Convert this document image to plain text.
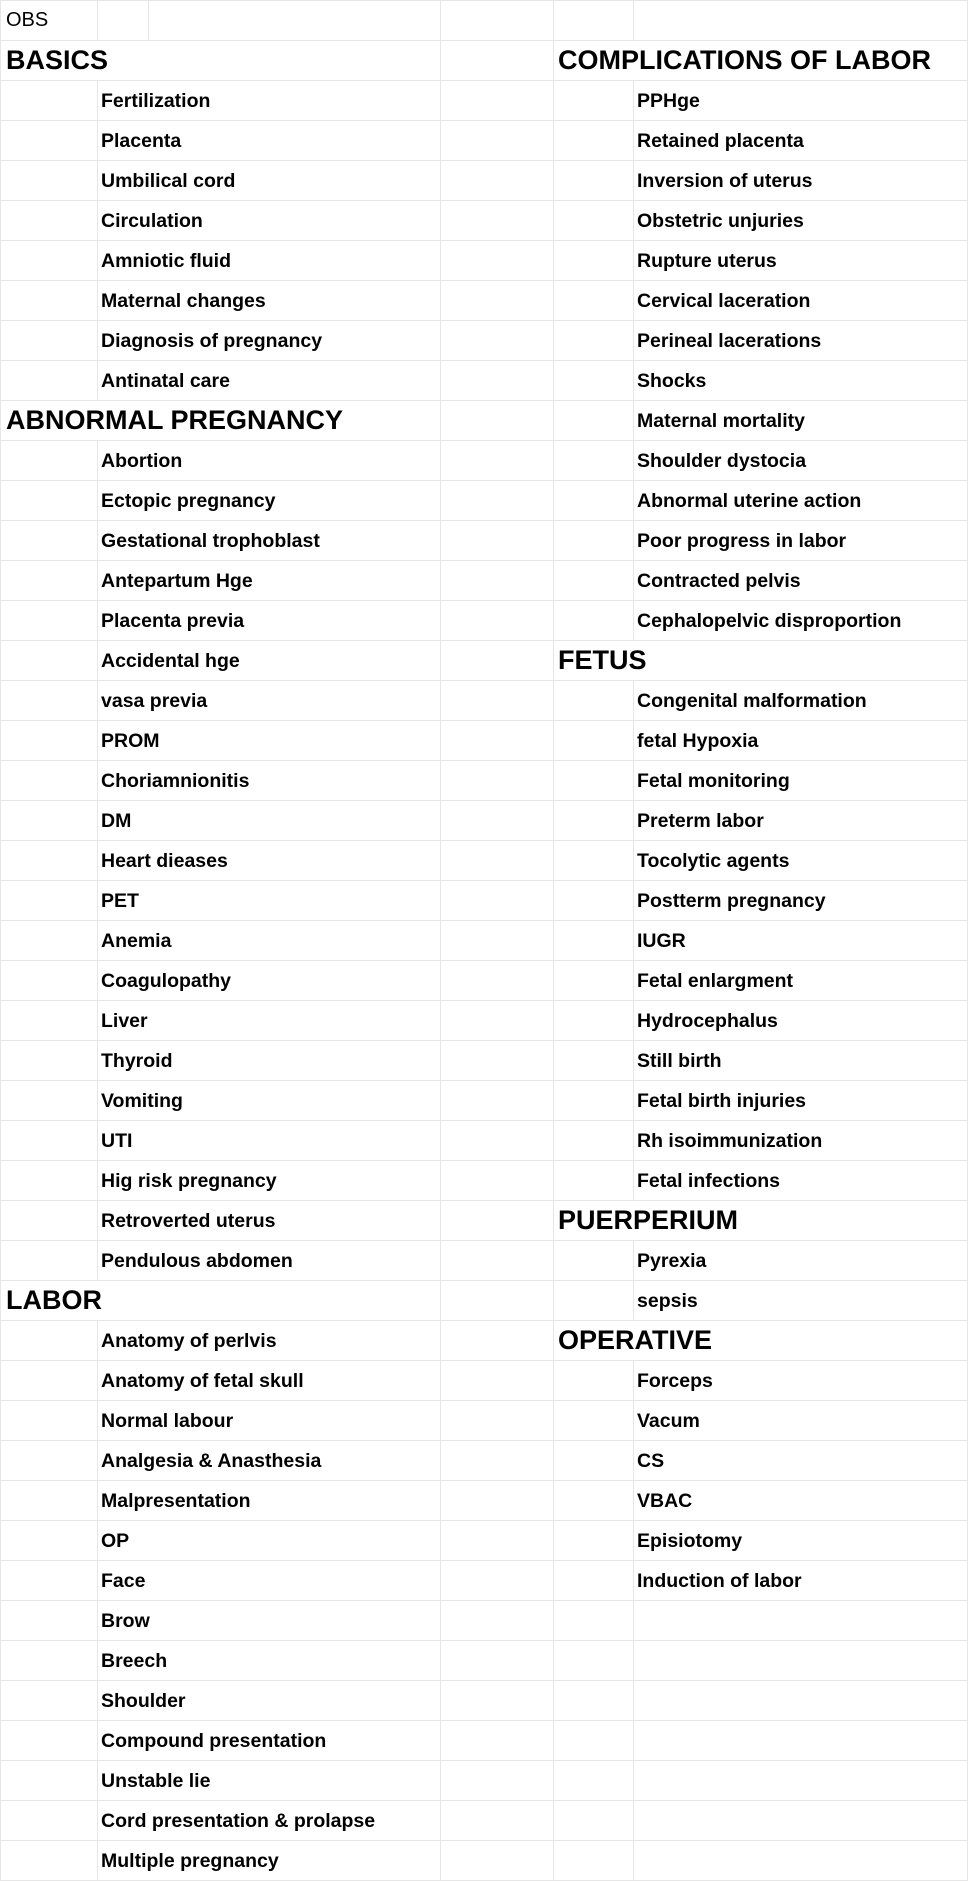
OBS
BASICS
Fertilization
Placenta
Umbilical cord
Circulation
Amniotic fluid
Maternal changes
Diagnosis of pregnancy
Antinatal care
ABNORMAL PREGNANCY
Abortion
Ectopic pregnancy
Gestational trophoblast
Antepartum Hge
Placenta previa
Accidental hge
vasa previa
PROM
Choriamnionitis
DM
Heart dieases
PET
Anemia
Coagulopathy
Liver
Thyroid
Vomiting
UTI
Hig risk pregnancy
Retroverted uterus
Pendulous abdomen
LABOR
Anatomy of perlvis
Anatomy of fetal skull
Normal labour
Analgesia & Anasthesia
Malpresentation
OP
Face
Brow
Breech
Shoulder
Compound presentation
Unstable lie
Cord presentation & prolapse
Multiple pregnancy
COMPLICATIONS OF LABOR
PPHge
Retained placenta
Inversion of uterus
Obstetric unjuries
Rupture uterus
Cervical laceration
Perineal lacerations
Shocks
Maternal mortality
Shoulder dystocia
Abnormal uterine action
Poor progress in labor
Contracted pelvis
Cephalopelvic disproportion
FETUS
Congenital malformation
fetal Hypoxia
Fetal monitoring
Preterm labor
Tocolytic agents
Postterm pregnancy
IUGR
Fetal enlargment
Hydrocephalus
Still birth
Fetal birth injuries
Rh isoimmunization
Fetal infections
PUERPERIUM
Pyrexia
sepsis
OPERATIVE
Forceps
Vacum
CS
VBAC
Episiotomy
Induction of labor
